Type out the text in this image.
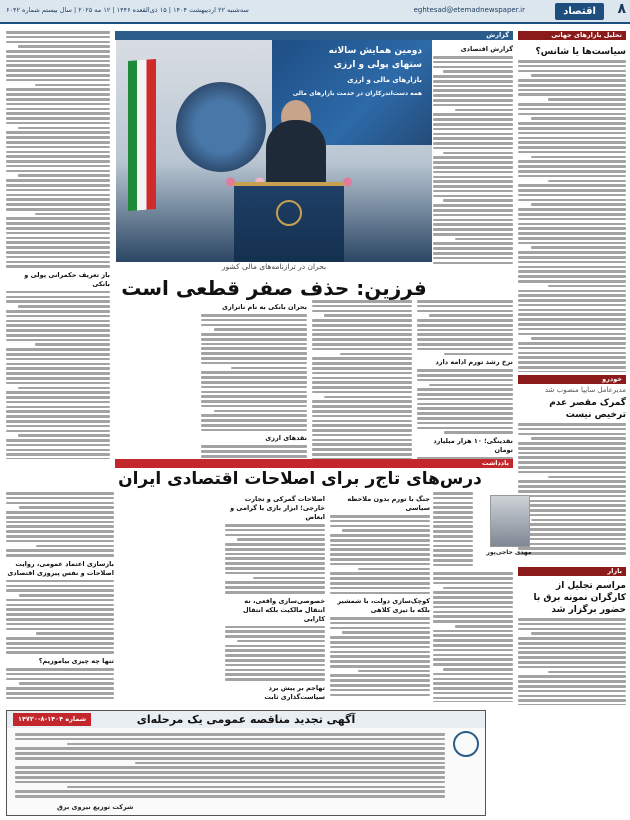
۸
اقتصاد
eghtesad@etemadnewspaper.ir
سه‌شنبه ۲۲ اردیبهشت ۱۴۰۴ | ۱۵ ذی‌القعده ۱۴۴۶ | ۱۲ مه ۲۰۲۵ | سال بیستم شماره ۶۰۴۲
تحلیل بازارهای جهانی
سیاست‌ها یا شانس؟
خودرو
مدیرعامل سایپا منصوب شد
گمرک مقصر عدم ترخیص نیست
بازار
مراسم تجلیل از کارگران نمونه برق با حضور برگزار شد
گزارش
گزارش اقتصادی
دومین همایش سالانه
ستهای پولی و ارزی
بازارهای مالی و ارزی
همه دست‌اندرکاران در خدمت بازارهای مالی
بحران در ترازنامه‌های مالی کشور
فرزین: حذف صفر قطعی است
نرخ رشد تورم ادامه دارد
نقدینگی؛ ۱۰ هزار میلیارد تومان
بحران بانکی به نام ناترازی
نقدهای ارزی
باز تعریف حکمرانی پولی و بانکی
یادداشت
درس‌های تاج‌ر برای اصلاحات اقتصادی ایران
مهدی حاجی‌پور
جنگ با تورم بدون ملاحظه سیاسی
کوچک‌سازی دولت، با شمشیر بلکه با تیزی کلاهی
اصلاحات گمرکی و تجارت خارجی؛ ابزار بازی با گرامی و ابعاض
خصوصی‌سازی واقعی، نه انتقال مالکیت بلکه انتقال کارایی
تهاجم بر پیش برد سیاست‌گذاری ثابت
بازسازی اعتماد عمومی، روایت اصلاحات و نفس پیروزی اقتصادی
تنها چه چیزی بیاموزیم؟
آگهی تجدید مناقصه عمومی یک مرحله‌ای
شماره ۱۴۰۴-۸-۱۴۷۲۰
شرکت توزیع نیروی برق
